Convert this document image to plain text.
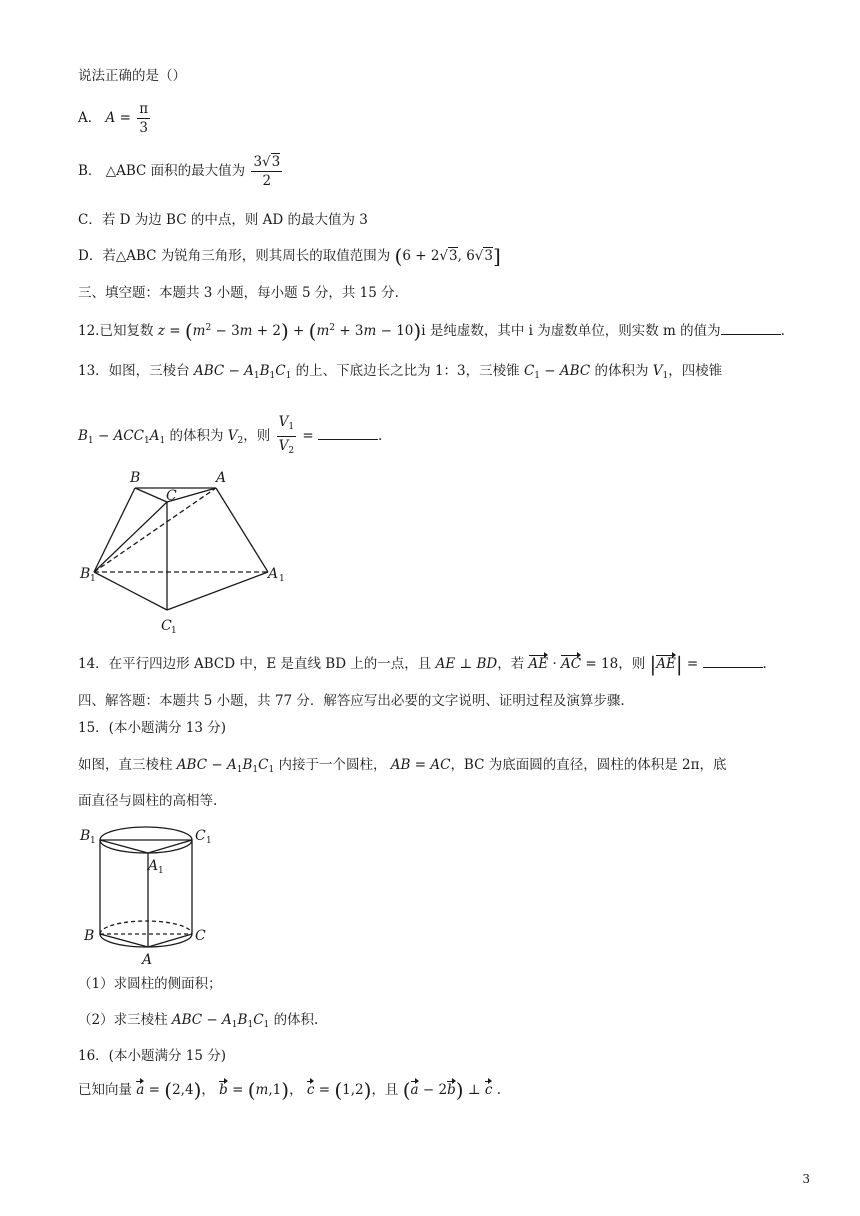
说法正确的是（）
A． $A = \frac{\pi}{3}$
B． △ABC 面积的最大值为 $\frac{3√3}{2}$
C．若 D 为边 BC 的中点，则 AD 的最大值为 3
D．若△ABC 为锐角三角形，则其周长的取值范围为 (6 + 2√3, 6√3]
三、填空题：本题共 3 小题，每小题 5 分，共 15 分.
12.已知复数 $z = (m^2 - 3m + 2) + (m^2 + 3m - 10)i$ 是纯虚数，其中 i 为虚数单位，则实数 m 的值为	.
13．如图，三棱台 ABC − $A_1B_1C_1$ 的上、下底边长之比为 1：3，三棱锥 $C_1$ − ABC 的体积为 $V_1$，四棱锥
$B_1 - ACC_1A_1$ 的体积为 $V_2$，则 $\frac{V_1}{V_2}$ =	.
B	A
C
B 1	A 1
C 1
14．在平行四边形 ABCD 中，E 是直线 BD 上的一点，且 AE ⊥ BD，若 AE · AC = 18，则 |AE| =	.
四、解答题：本题共 5 小题，共 77 分．解答应写出必要的文字说明、证明过程及演算步骤.
15．(本小题满分 13 分)
如图，直三棱柱 ABC − $A_1B_1C_1$ 内接于一个圆柱， AB = AC，BC 为底面圆的直径，圆柱的体积是 2π，底
面直径与圆柱的高相等.
B 1	C 1
A 1
B	C
A
（1）求圆柱的侧面积；
（2）求三棱柱 ABC − $A_1B_1C_1$ 的体积.
16．(本小题满分 15 分)
已知向量 a = (2,4)， b = (m,1)， c = (1,2)，且 (a − 2b) ⊥ c .
3
